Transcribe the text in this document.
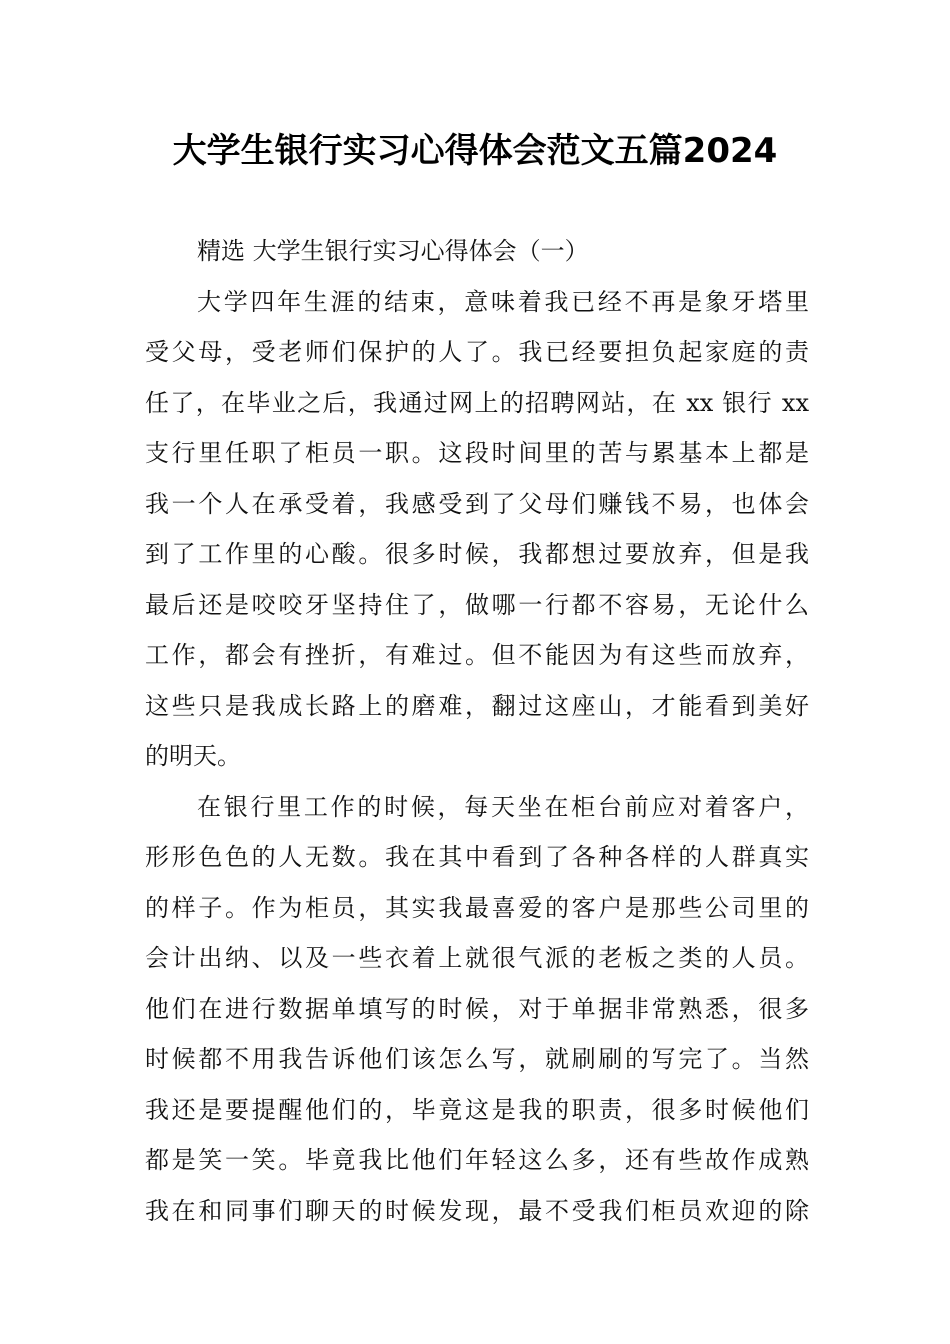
大学生银行实习心得体会范文五篇2024
精选 大学生银行实习心得体会（一）
大学四年生涯的结束，意味着我已经不再是象牙塔里
受父母，受老师们保护的人了。我已经要担负起家庭的责
任了，在毕业之后，我通过网上的招聘网站，在 xx 银行 xx
支行里任职了柜员一职。这段时间里的苦与累基本上都是
我一个人在承受着，我感受到了父母们赚钱不易，也体会
到了工作里的心酸。很多时候，我都想过要放弃，但是我
最后还是咬咬牙坚持住了，做哪一行都不容易，无论什么
工作，都会有挫折，有难过。但不能因为有这些而放弃，
这些只是我成长路上的磨难，翻过这座山，才能看到美好
的明天。
在银行里工作的时候，每天坐在柜台前应对着客户，
形形色色的人无数。我在其中看到了各种各样的人群真实
的样子。作为柜员，其实我最喜爱的客户是那些公司里的
会计出纳、以及一些衣着上就很气派的老板之类的人员。
他们在进行数据单填写的时候，对于单据非常熟悉，很多
时候都不用我告诉他们该怎么写，就刷刷的写完了。当然
我还是要提醒他们的，毕竟这是我的职责，很多时候他们
都是笑一笑。毕竟我比他们年轻这么多，还有些故作成熟
我在和同事们聊天的时候发现，最不受我们柜员欢迎的除
